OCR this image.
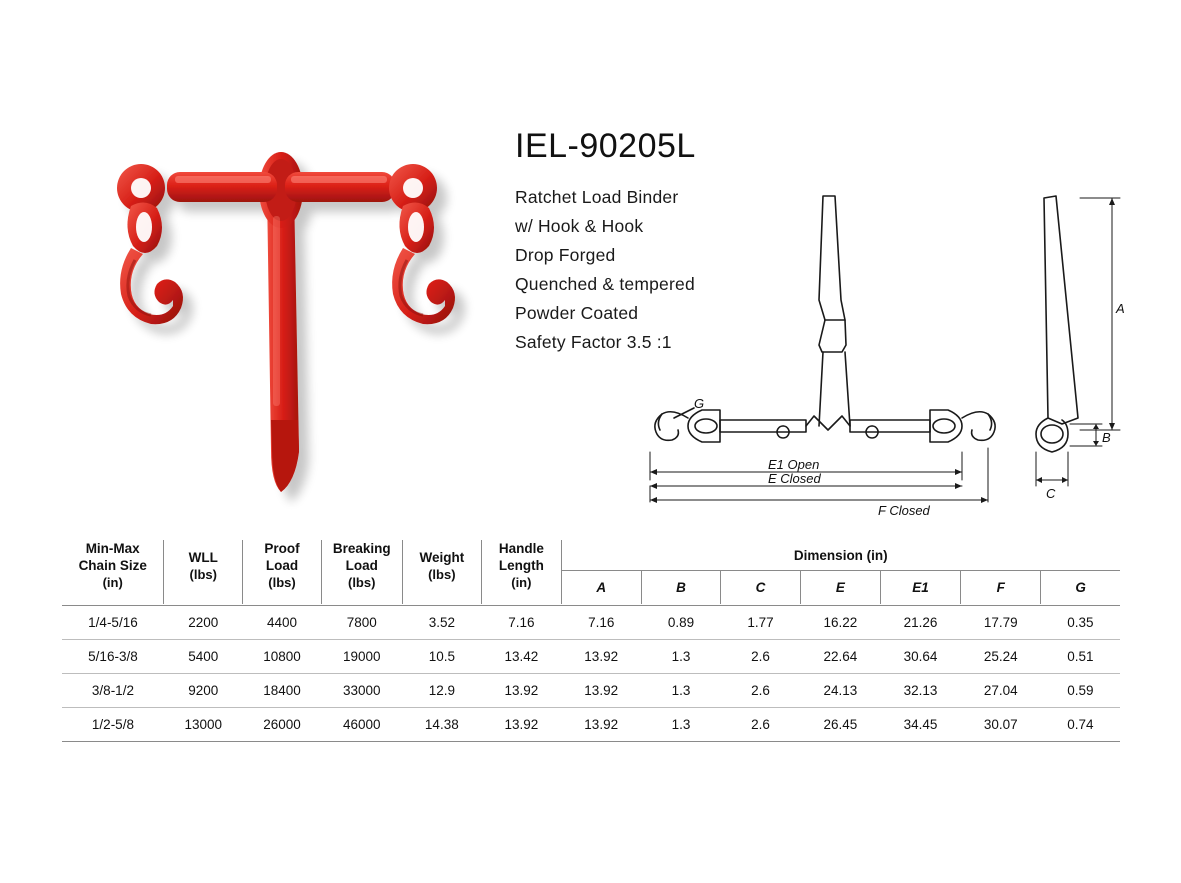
IEL-90205L
Ratchet Load Binder
w/ Hook & Hook
Drop Forged
Quenched & tempered
Powder Coated
Safety Factor 3.5 :1
G
A
B
C
E1 Open
E Closed
F Closed
Min-Max
Chain Size
(in)

WLL
(lbs)

Proof
Load
(lbs)

Breaking
Load
(lbs)

Weight
(lbs)

Handle
Length
(in)
	Dimension (in)
						A	B	C	E	E1	F	G

1/4-5/16	2200	4400	7800	3.52	7.16	7.16	0.89	1.77	16.22	21.26	17.79	0.35
5/16-3/8	5400	10800	19000	10.5	13.42	13.92	1.3	2.6	22.64	30.64	25.24	0.51
3/8-1/2	9200	18400	33000	12.9	13.92	13.92	1.3	2.6	24.13	32.13	27.04	0.59
1/2-5/8	13000	26000	46000	14.38	13.92	13.92	1.3	2.6	26.45	34.45	30.07	0.74
